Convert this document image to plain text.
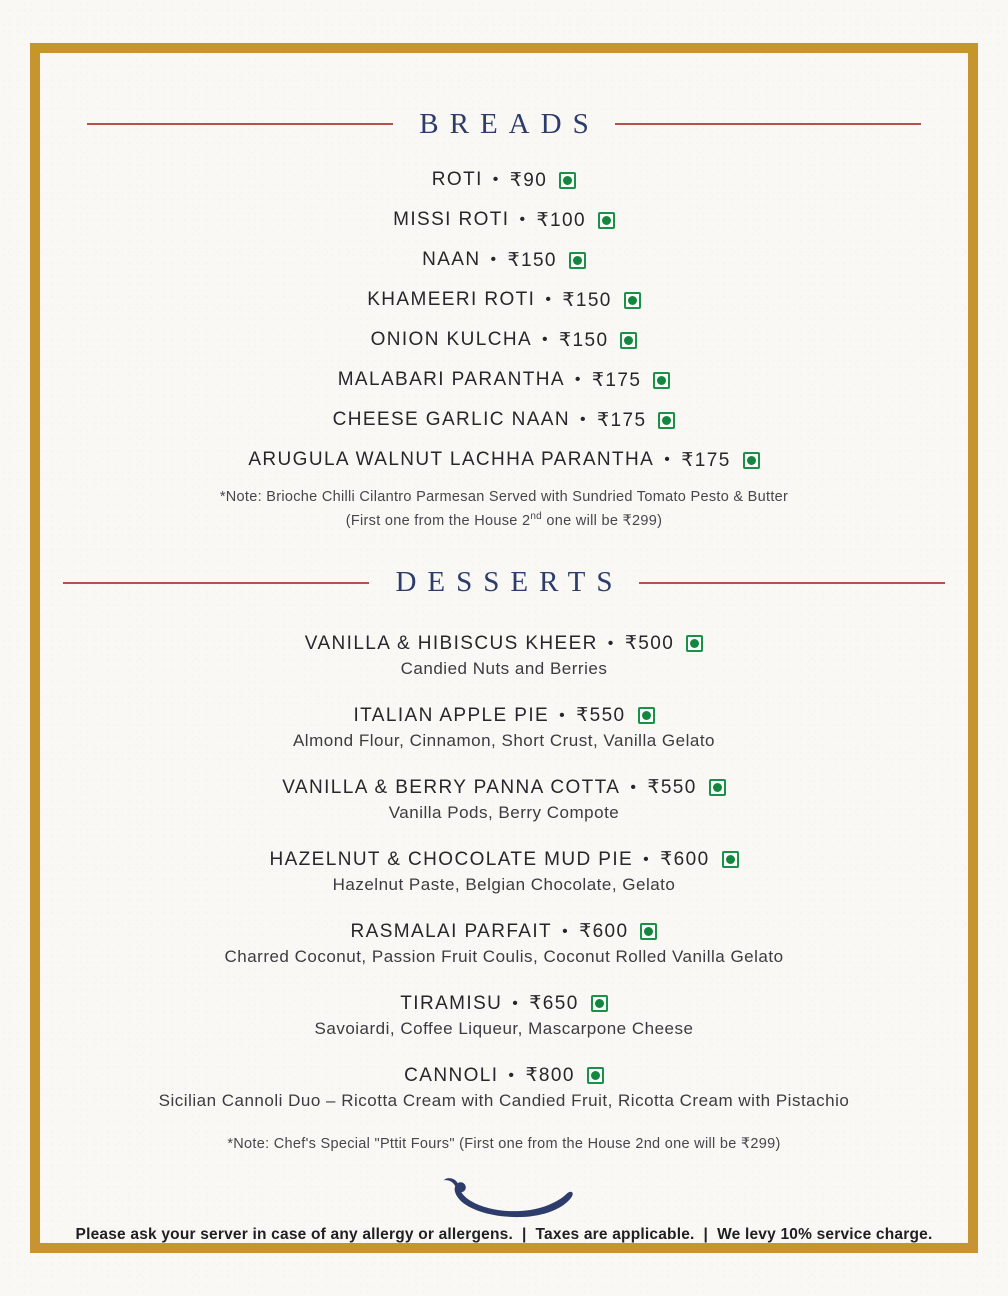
BREADS
ROTI • ₹90
MISSI ROTI • ₹100
NAAN • ₹150
KHAMEERI ROTI • ₹150
ONION KULCHA • ₹150
MALABARI PARANTHA • ₹175
CHEESE GARLIC NAAN • ₹175
ARUGULA WALNUT LACHHA PARANTHA • ₹175
*Note: Brioche Chilli Cilantro Parmesan Served with Sundried Tomato Pesto & Butter
(First one from the House 2nd one will be ₹299)
DESSERTS
VANILLA & HIBISCUS KHEER • ₹500
Candied Nuts and Berries
ITALIAN APPLE PIE • ₹550
Almond Flour, Cinnamon, Short Crust, Vanilla Gelato
VANILLA & BERRY PANNA COTTA • ₹550
Vanilla Pods, Berry Compote
HAZELNUT & CHOCOLATE MUD PIE • ₹600
Hazelnut Paste, Belgian Chocolate, Gelato
RASMALAI PARFAIT • ₹600
Charred Coconut, Passion Fruit Coulis, Coconut Rolled Vanilla Gelato
TIRAMISU • ₹650
Savoiardi, Coffee Liqueur, Mascarpone Cheese
CANNOLI • ₹800
Sicilian Cannoli Duo – Ricotta Cream with Candied Fruit, Ricotta Cream with Pistachio
*Note: Chef's Special "Pttit Fours" (First one from the House 2nd one will be ₹299)
Please ask your server in case of any allergy or allergens.  |  Taxes are applicable.  |  We levy 10% service charge.
